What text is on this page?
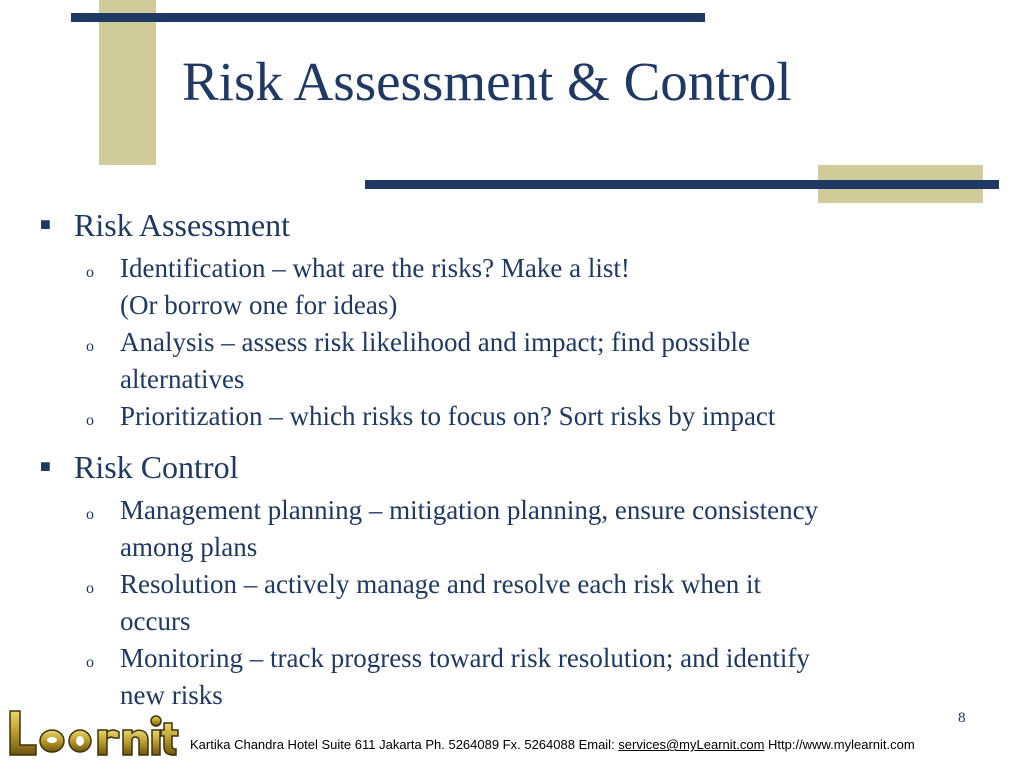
Risk Assessment & Control
■ Risk Assessment
o Identification – what are the risks? Make a list!
(Or borrow one for ideas)
o Analysis – assess risk likelihood and impact; find possible
alternatives
o Prioritization – which risks to focus on? Sort risks by impact
■ Risk Control
o Management planning – mitigation planning, ensure consistency
among plans
o Resolution – actively manage and resolve each risk when it
occurs
o Monitoring – track progress toward risk resolution; and identify
new risks
8
Kartika Chandra Hotel Suite 611 Jakarta Ph. 5264089 Fx. 5264088 Email: services@myLearnit.com Http://www.mylearnit.com
